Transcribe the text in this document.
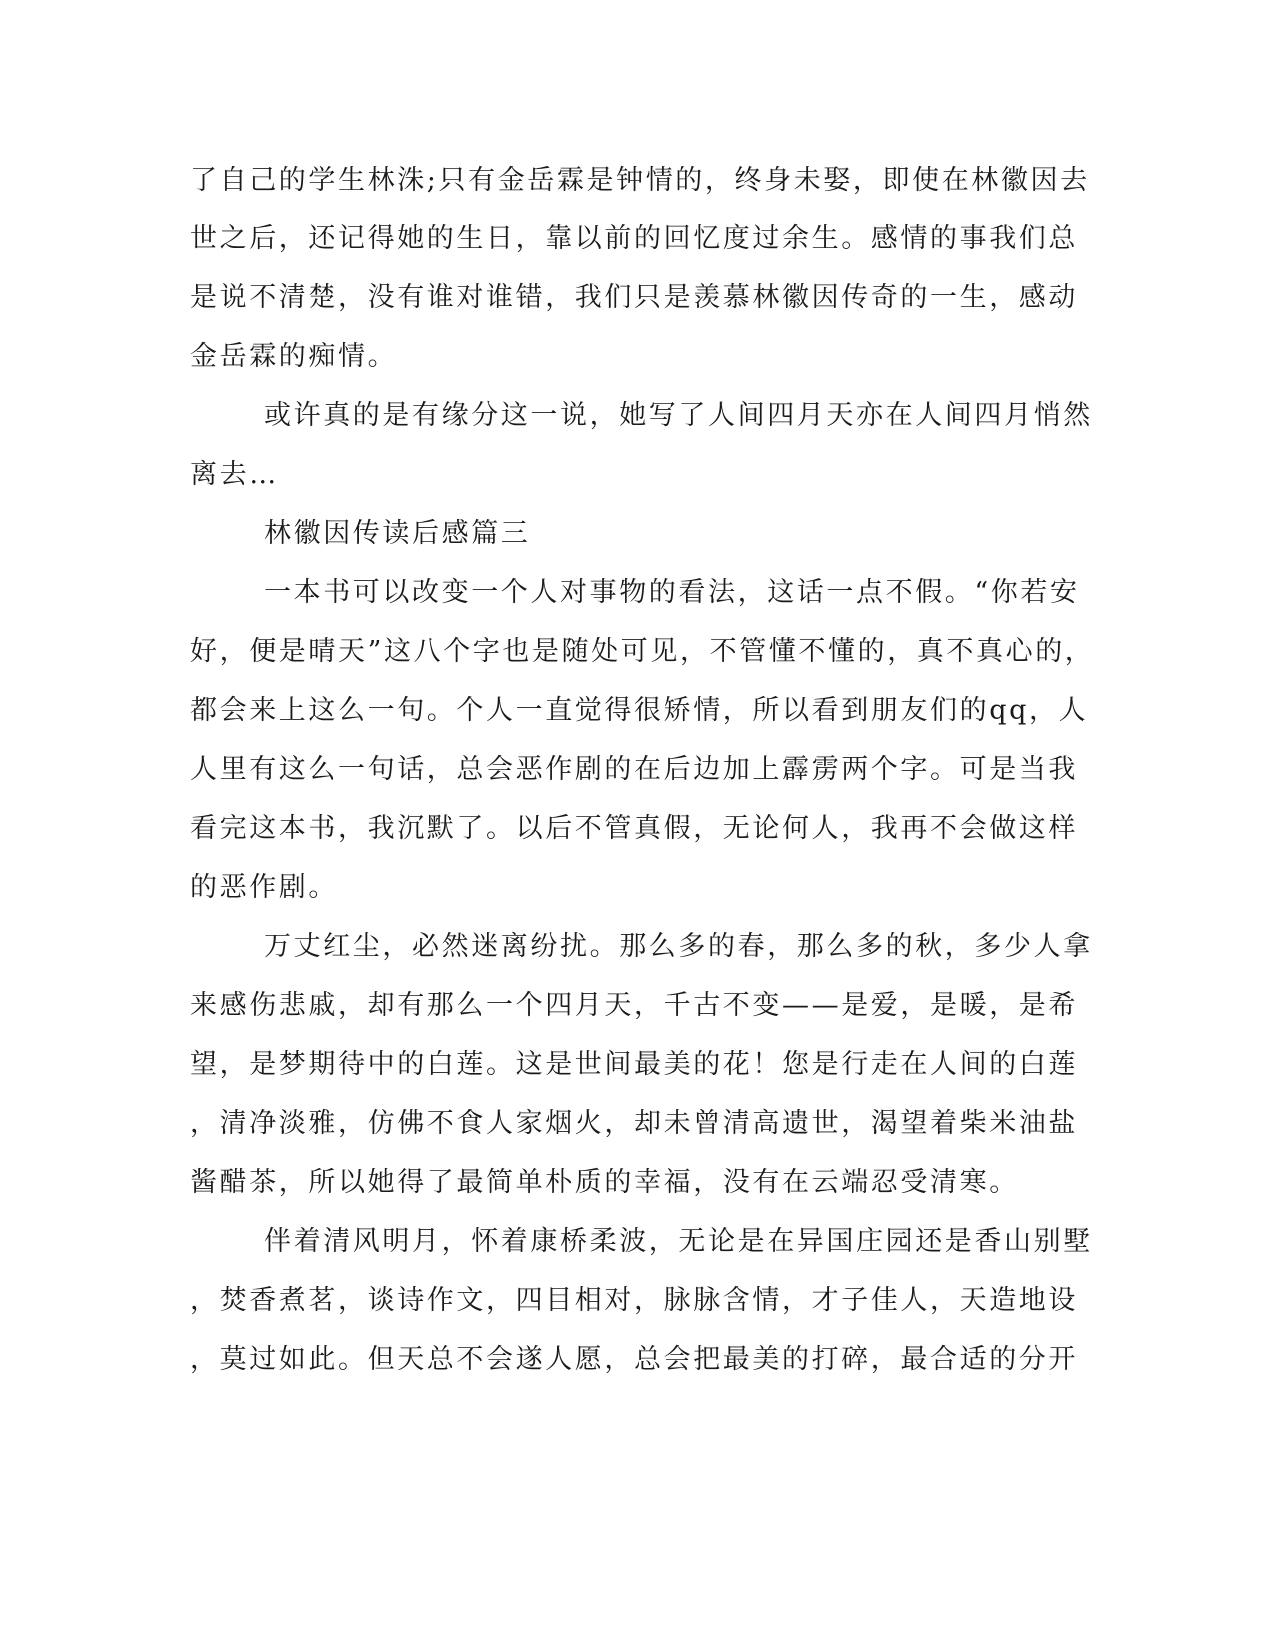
了自己的学生林洙;只有金岳霖是钟情的，终身未娶，即使在林徽因去
世之后，还记得她的生日，靠以前的回忆度过余生。感情的事我们总
是说不清楚，没有谁对谁错，我们只是羡慕林徽因传奇的一生，感动
金岳霖的痴情。
或许真的是有缘分这一说，她写了人间四月天亦在人间四月悄然
离去…
林徽因传读后感篇三
一本书可以改变一个人对事物的看法，这话一点不假。“你若安
好，便是晴天”这八个字也是随处可见，不管懂不懂的，真不真心的，
都会来上这么一句。个人一直觉得很矫情，所以看到朋友们的qq，人
人里有这么一句话，总会恶作剧的在后边加上霹雳两个字。可是当我
看完这本书，我沉默了。以后不管真假，无论何人，我再不会做这样
的恶作剧。
万丈红尘，必然迷离纷扰。那么多的春，那么多的秋，多少人拿
来感伤悲戚，却有那么一个四月天，千古不变——是爱，是暖，是希
望，是梦期待中的白莲。这是世间最美的花！您是行走在人间的白莲
，清净淡雅，仿佛不食人家烟火，却未曾清高遗世，渴望着柴米油盐
酱醋茶，所以她得了最简单朴质的幸福，没有在云端忍受清寒。
伴着清风明月，怀着康桥柔波，无论是在异国庄园还是香山别墅
，焚香煮茗，谈诗作文，四目相对，脉脉含情，才子佳人，天造地设
，莫过如此。但天总不会遂人愿，总会把最美的打碎，最合适的分开
